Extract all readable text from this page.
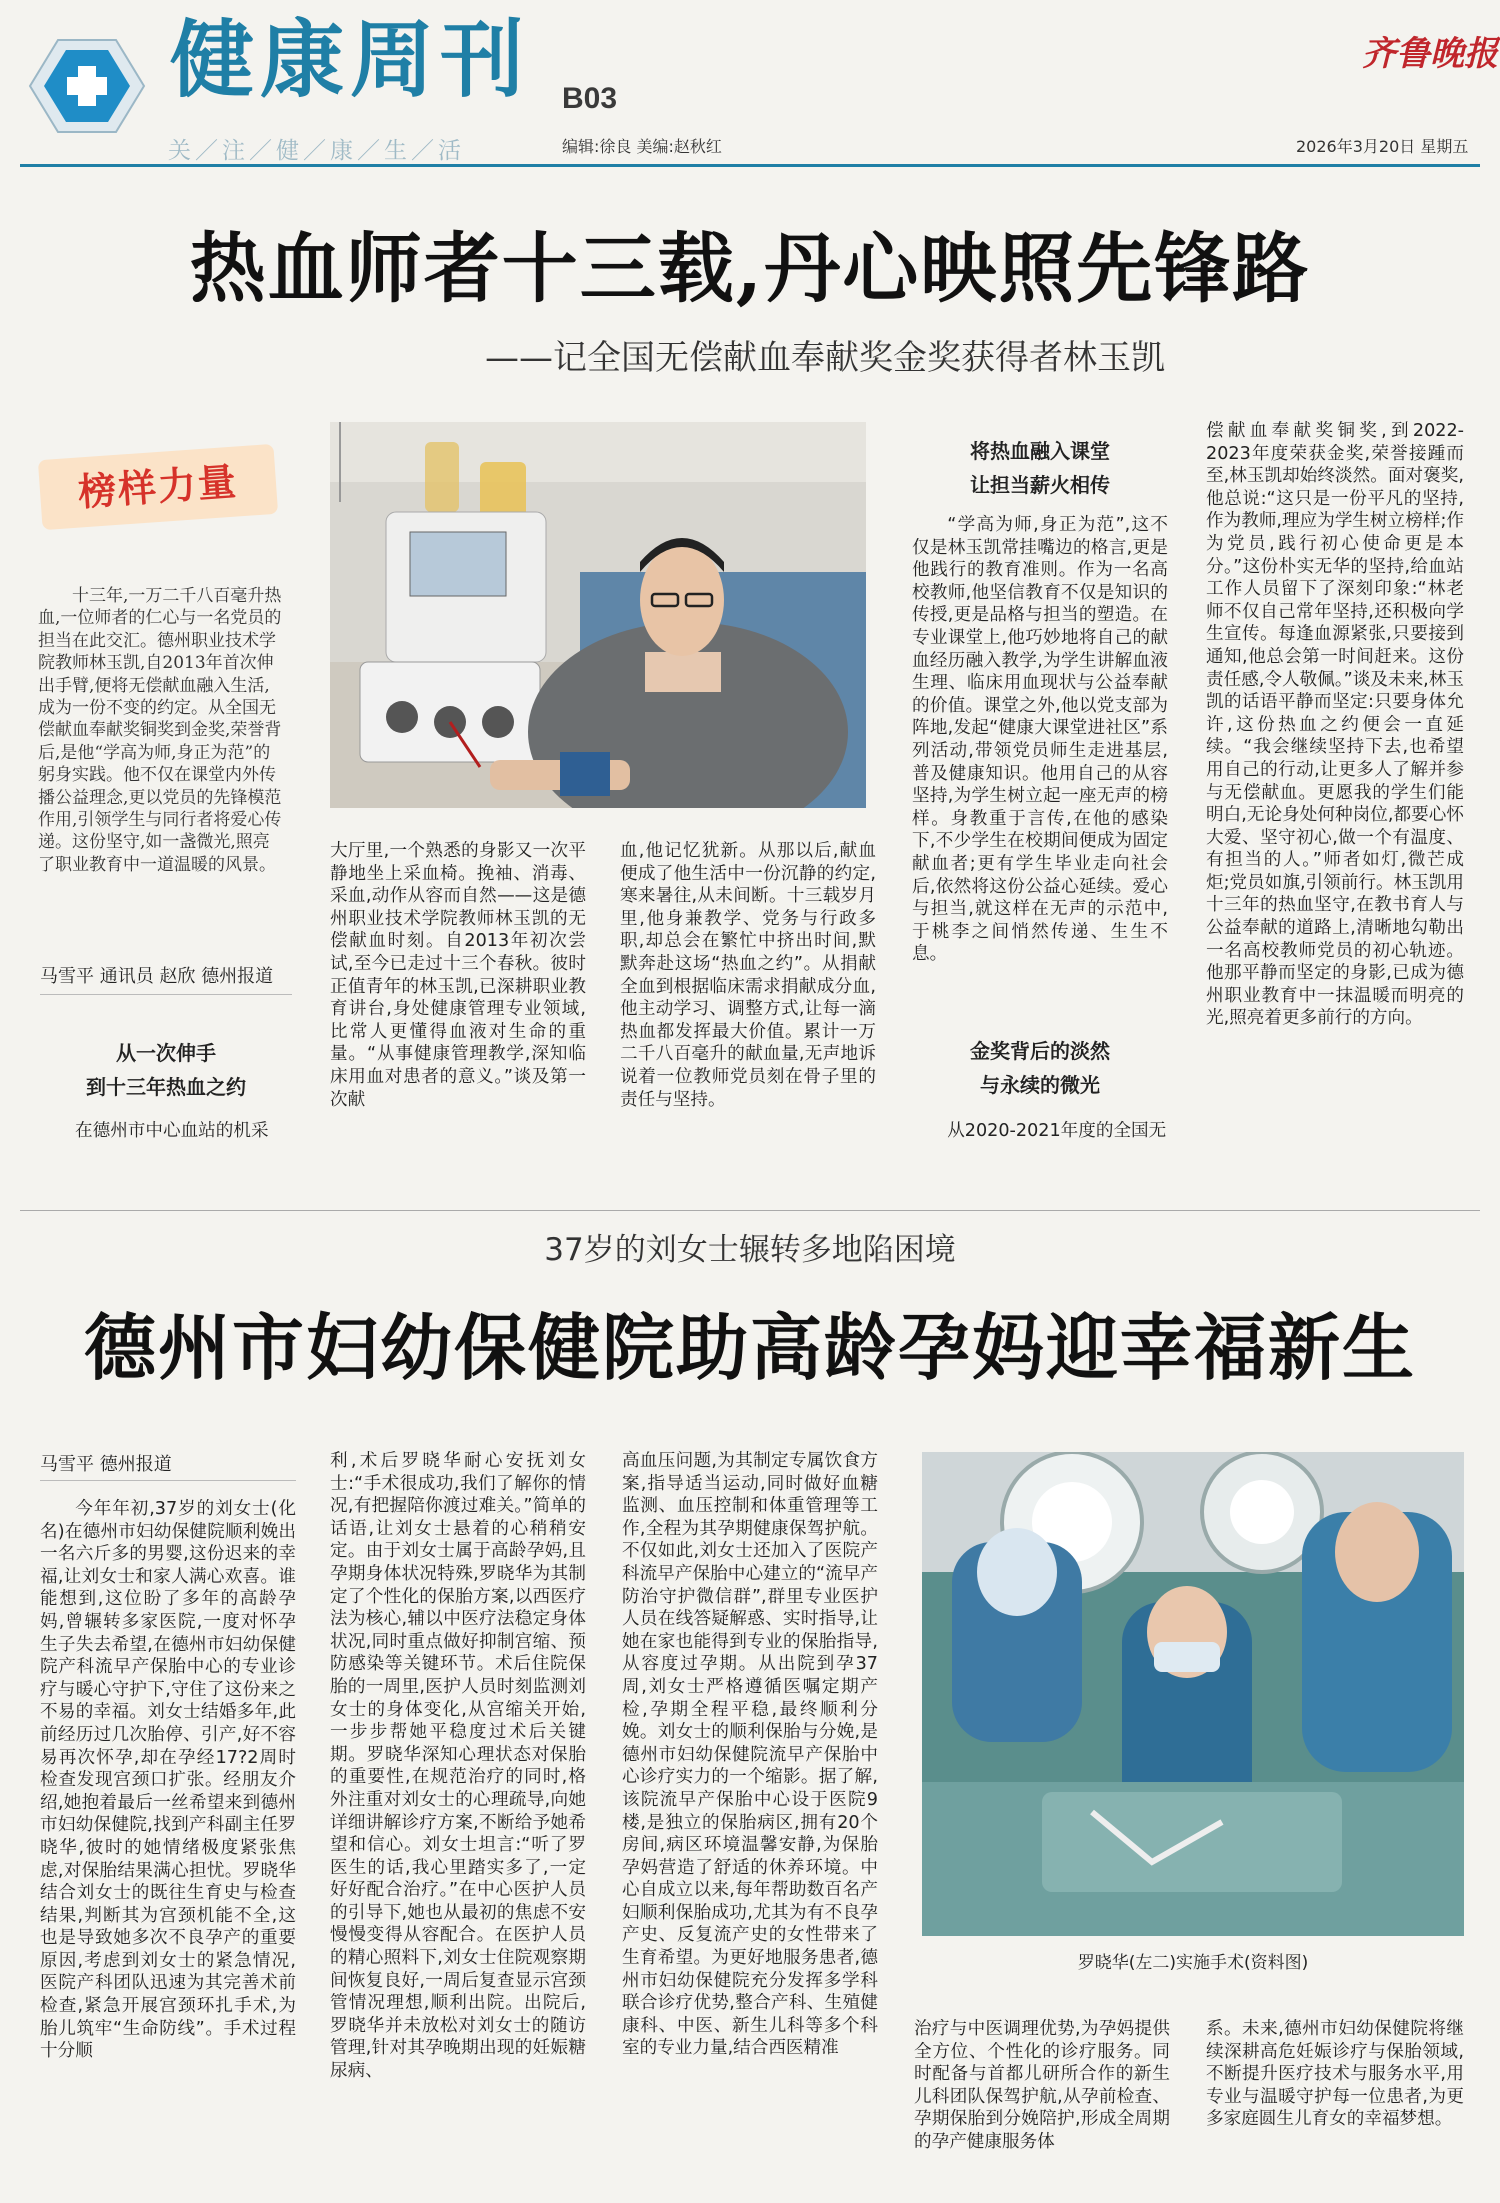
健康周刊 B03
关／注／健／康／生／活	编辑:徐良 美编:赵秋红
齐鲁晚报
2026年3月20日 星期五
热血师者十三载,丹心映照先锋路
——记全国无偿献血奉献奖金奖获得者林玉凯
榜样力量

十三年,一万二千八百毫升热血,一位师者的仁心与一名党员的担当在此交汇。德州职业技术学院教师林玉凯,自2013年首次伸出手臂,便将无偿献血融入生活,成为一份不变的约定。从全国无偿献血奉献奖铜奖到金奖,荣誉背后,是他“学高为师,身正为范”的躬身实践。他不仅在课堂内外传播公益理念,更以党员的先锋模范作用,引领学生与同行者将爱心传递。这份坚守,如一盏微光,照亮了职业教育中一道温暖的风景。

马雪平 通讯员 赵欣 德州报道
从一次伸手
到十三年热血之约
在德州市中心血站的机采
大厅里,一个熟悉的身影又一次平静地坐上采血椅。挽袖、消毒、采血,动作从容而自然——这是德州职业技术学院教师林玉凯的无偿献血时刻。自2013年初次尝试,至今已走过十三个春秋。彼时正值青年的林玉凯,已深耕职业教育讲台,身处健康管理专业领域,比常人更懂得血液对生命的重量。“从事健康管理教学,深知临床用血对患者的意义。”谈及第一次献
血,他记忆犹新。从那以后,献血便成了他生活中一份沉静的约定,寒来暑往,从未间断。十三载岁月里,他身兼教学、党务与行政多职,却总会在繁忙中挤出时间,默默奔赴这场“热血之约”。从捐献全血到根据临床需求捐献成分血,他主动学习、调整方式,让每一滴热血都发挥最大价值。累计一万二千八百毫升的献血量,无声地诉说着一位教师党员刻在骨子里的责任与坚持。
将热血融入课堂
让担当薪火相传

“学高为师,身正为范”,这不仅是林玉凯常挂嘴边的格言,更是他践行的教育准则。作为一名高校教师,他坚信教育不仅是知识的传授,更是品格与担当的塑造。在专业课堂上,他巧妙地将自己的献血经历融入教学,为学生讲解血液生理、临床用血现状与公益奉献的价值。课堂之外,他以党支部为阵地,发起“健康大课堂进社区”系列活动,带领党员师生走进基层,普及健康知识。他用自己的从容坚持,为学生树立起一座无声的榜样。身教重于言传,在他的感染下,不少学生在校期间便成为固定献血者;更有学生毕业走向社会后,依然将这份公益心延续。爱心与担当,就这样在无声的示范中,于桃李之间悄然传递、生生不息。

金奖背后的淡然
与永续的微光

从2020-2021年度的全国无

偿献血奉献奖铜奖,到2022-2023年度荣获金奖,荣誉接踵而至,林玉凯却始终淡然。面对褒奖,他总说:“这只是一份平凡的坚持,作为教师,理应为学生树立榜样;作为党员,践行初心使命更是本分。”这份朴实无华的坚持,给血站工作人员留下了深刻印象:“林老师不仅自己常年坚持,还积极向学生宣传。每逢血源紧张,只要接到通知,他总会第一时间赶来。这份责任感,令人敬佩。”谈及未来,林玉凯的话语平静而坚定:只要身体允许,这份热血之约便会一直延续。“我会继续坚持下去,也希望用自己的行动,让更多人了解并参与无偿献血。更愿我的学生们能明白,无论身处何种岗位,都要心怀大爱、坚守初心,做一个有温度、有担当的人。”师者如灯,微芒成炬;党员如旗,引领前行。林玉凯用十三年的热血坚守,在教书育人与公益奉献的道路上,清晰地勾勒出一名高校教师党员的初心轨迹。他那平静而坚定的身影,已成为德州职业教育中一抹温暖而明亮的光,照亮着更多前行的方向。
37岁的刘女士辗转多地陷困境
德州市妇幼保健院助高龄孕妈迎幸福新生
马雪平 德州报道

今年年初,37岁的刘女士(化名)在德州市妇幼保健院顺利娩出一名六斤多的男婴,这份迟来的幸福,让刘女士和家人满心欢喜。谁能想到,这位盼了多年的高龄孕妈,曾辗转多家医院,一度对怀孕生子失去希望,在德州市妇幼保健院产科流早产保胎中心的专业诊疗与暖心守护下,守住了这份来之不易的幸福。刘女士结婚多年,此前经历过几次胎停、引产,好不容易再次怀孕,却在孕经17?2周时检查发现宫颈口扩张。经朋友介绍,她抱着最后一丝希望来到德州市妇幼保健院,找到产科副主任罗晓华,彼时的她情绪极度紧张焦虑,对保胎结果满心担忧。罗晓华结合刘女士的既往生育史与检查结果,判断其为宫颈机能不全,这也是导致她多次不良孕产的重要原因,考虑到刘女士的紧急情况,医院产科团队迅速为其完善术前检查,紧急开展宫颈环扎手术,为胎儿筑牢“生命防线”。手术过程十分顺

利,术后罗晓华耐心安抚刘女士:“手术很成功,我们了解你的情况,有把握陪你渡过难关。”简单的话语,让刘女士悬着的心稍稍安定。由于刘女士属于高龄孕妈,且孕期身体状况特殊,罗晓华为其制定了个性化的保胎方案,以西医疗法为核心,辅以中医疗法稳定身体状况,同时重点做好抑制宫缩、预防感染等关键环节。术后住院保胎的一周里,医护人员时刻监测刘女士的身体变化,从宫缩关开始,一步步帮她平稳度过术后关键期。罗晓华深知心理状态对保胎的重要性,在规范治疗的同时,格外注重对刘女士的心理疏导,向她详细讲解诊疗方案,不断给予她希望和信心。刘女士坦言:“听了罗医生的话,我心里踏实多了,一定好好配合治疗。”在中心医护人员的引导下,她也从最初的焦虑不安慢慢变得从容配合。在医护人员的精心照料下,刘女士住院观察期间恢复良好,一周后复查显示宫颈管情况理想,顺利出院。出院后,罗晓华并未放松对刘女士的随访管理,针对其孕晚期出现的妊娠糖尿病、
高血压问题,为其制定专属饮食方案,指导适当运动,同时做好血糖监测、血压控制和体重管理等工作,全程为其孕期健康保驾护航。不仅如此,刘女士还加入了医院产科流早产保胎中心建立的“流早产防治守护微信群”,群里专业医护人员在线答疑解惑、实时指导,让她在家也能得到专业的保胎指导,从容度过孕期。从出院到孕37周,刘女士严格遵循医嘱定期产检,孕期全程平稳,最终顺利分娩。刘女士的顺利保胎与分娩,是德州市妇幼保健院流早产保胎中心诊疗实力的一个缩影。据了解,该院流早产保胎中心设于医院9楼,是独立的保胎病区,拥有20个房间,病区环境温馨安静,为保胎孕妈营造了舒适的休养环境。中心自成立以来,每年帮助数百名产妇顺利保胎成功,尤其为有不良孕产史、反复流产史的女性带来了生育希望。为更好地服务患者,德州市妇幼保健院充分发挥多学科联合诊疗优势,整合产科、生殖健康科、中医、新生儿科等多个科室的专业力量,结合西医精准
罗晓华(左二)实施手术(资料图)
治疗与中医调理优势,为孕妈提供全方位、个性化的诊疗服务。同时配备与首都儿研所合作的新生儿科团队保驾护航,从孕前检查、孕期保胎到分娩陪护,形成全周期的孕产健康服务体
系。未来,德州市妇幼保健院将继续深耕高危妊娠诊疗与保胎领域,不断提升医疗技术与服务水平,用专业与温暖守护每一位患者,为更多家庭圆生儿育女的幸福梦想。
